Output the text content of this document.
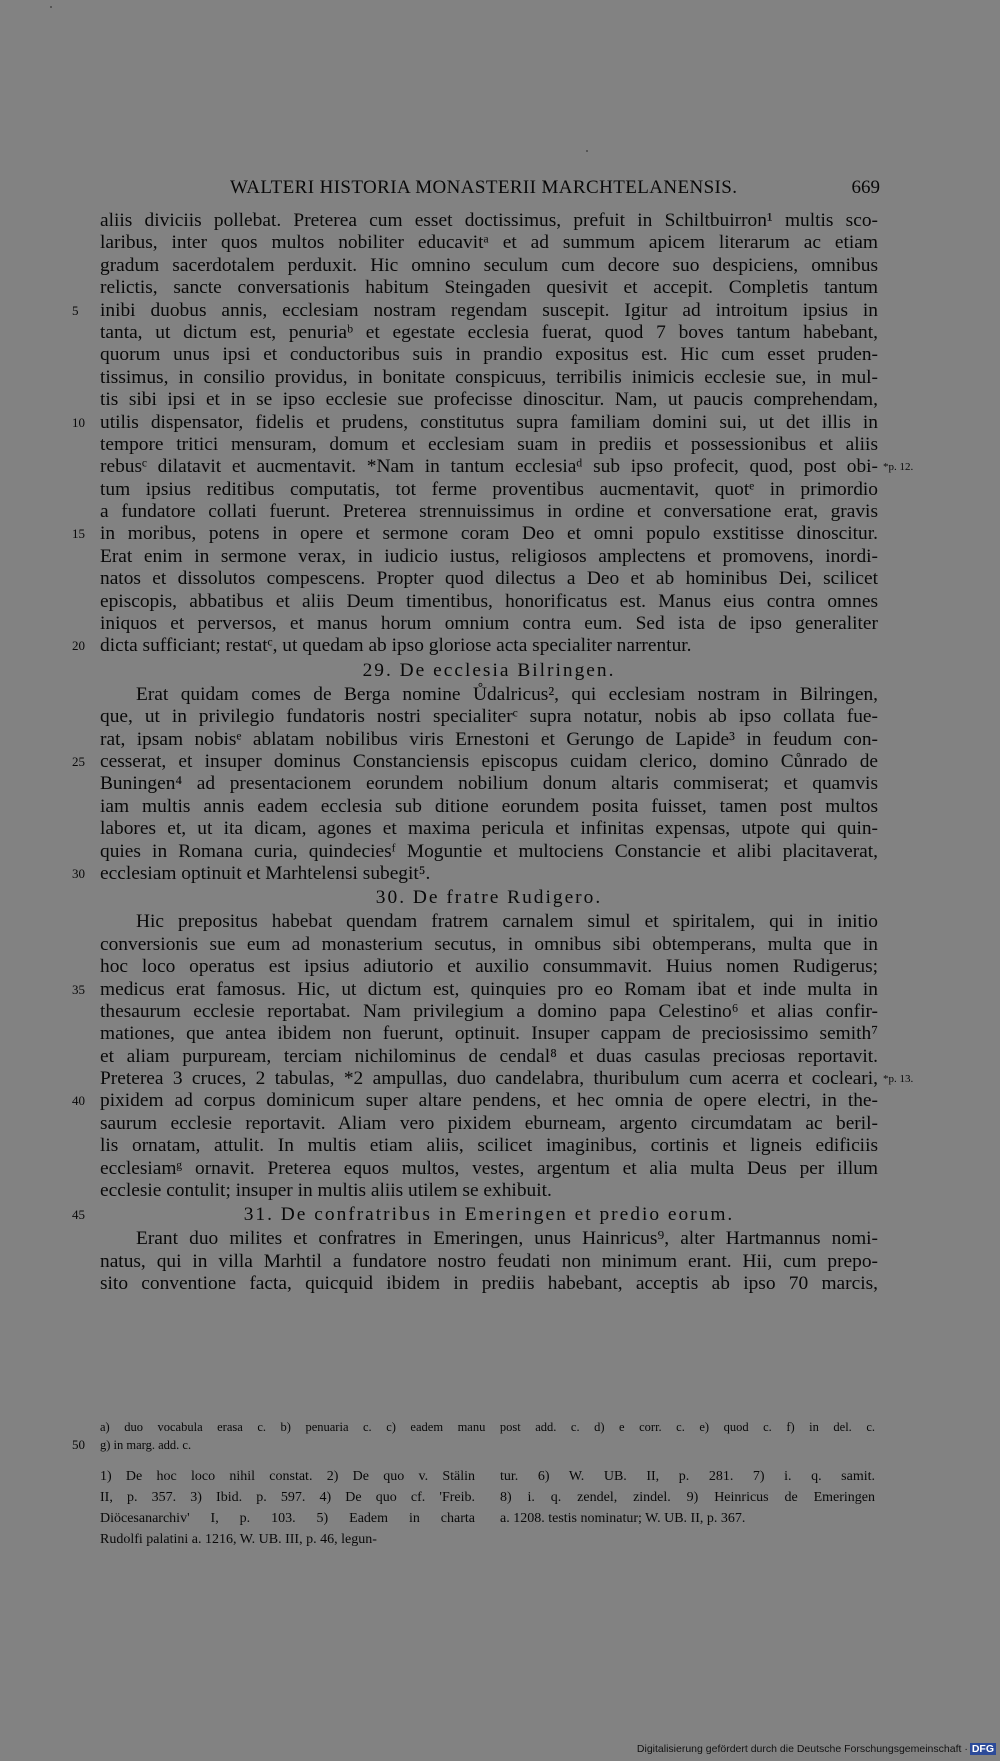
WALTERI HISTORIA MONASTERII MARCHTELANENSIS.	669
aliis diviciis pollebat. Preterea cum esset doctissimus, prefuit in Schiltbuirron¹ multis sco-
laribus, inter quos multos nobiliter educavitᵃ et ad summum apicem literarum ac etiam
gradum sacerdotalem perduxit. Hic omnino seculum cum decore suo despiciens, omnibus
relictis, sancte conversationis habitum Steingaden quesivit et accepit. Completis tantum
5	inibi duobus annis, ecclesiam nostram regendam suscepit. Igitur ad introitum ipsius in
tanta, ut dictum est, penuriaᵇ et egestate ecclesia fuerat, quod 7 boves tantum habebant,
quorum unus ipsi et conductoribus suis in prandio expositus est. Hic cum esset pruden-
tissimus, in consilio providus, in bonitate conspicuus, terribilis inimicis ecclesie sue, in mul-
tis sibi ipsi et in se ipso ecclesie sue profecisse dinoscitur. Nam, ut paucis comprehendam,
10 utilis dispensator, fidelis et prudens, constitutus supra familiam domini sui, ut det illis in
tempore tritici mensuram, domum et ecclesiam suam in prediis et possessionibus et aliis
rebusᶜ dilatavit et aucmentavit. *Nam in tantum ecclesiaᵈ sub ipso profecit, quod, post obi- *p. 12.
tum ipsius reditibus computatis, tot ferme proventibus aucmentavit, quotᵉ in primordio
a fundatore collati fuerunt. Preterea strennuissimus in ordine et conversatione erat, gravis
15 in moribus, potens in opere et sermone coram Deo et omni populo exstitisse dinoscitur.
Erat enim in sermone verax, in iudicio iustus, religiosos amplectens et promovens, inordi-
natos et dissolutos compescens. Propter quod dilectus a Deo et ab hominibus Dei, scilicet
episcopis, abbatibus et aliis Deum timentibus, honorificatus est. Manus eius contra omnes
iniquos et perversos, et manus horum omnium contra eum. Sed ista de ipso generaliter
20 dicta sufficiant; restatᶜ, ut quedam ab ipso gloriose acta specialiter narrentur.
29. De ecclesia Bilringen.
Erat quidam comes de Berga nomine Ůdalricus², qui ecclesiam nostram in Bilringen,
que, ut in privilegio fundatoris nostri specialiterᶜ supra notatur, nobis ab ipso collata fue-
rat, ipsam nobisᵉ ablatam nobilibus viris Ernestoni et Gerungo de Lapide³ in feudum con-
25 cesserat, et insuper dominus Constanciensis episcopus cuidam clerico, domino Cůnrado de
Buningen⁴ ad presentacionem eorundem nobilium donum altaris commiserat; et quamvis
iam multis annis eadem ecclesia sub ditione eorundem posita fuisset, tamen post multos
labores et, ut ita dicam, agones et maxima pericula et infinitas expensas, utpote qui quin-
quies in Romana curia, quindeciesᶠ Moguntie et multociens Constancie et alibi placitaverat,
30 ecclesiam optinuit et Marhtelensi subegit⁵.
30. De fratre Rudigero.
Hic prepositus habebat quendam fratrem carnalem simul et spiritalem, qui in initio
conversionis sue eum ad monasterium secutus, in omnibus sibi obtemperans, multa que in
hoc loco operatus est ipsius adiutorio et auxilio consummavit. Huius nomen Rudigerus;
35 medicus erat famosus. Hic, ut dictum est, quinquies pro eo Romam ibat et inde multa in
thesaurum ecclesie reportabat. Nam privilegium a domino papa Celestino⁶ et alias confir-
mationes, que antea ibidem non fuerunt, optinuit. Insuper cappam de preciosissimo semith⁷
et aliam purpuream, terciam nichilominus de cendal⁸ et duas casulas preciosas reportavit.
Preterea 3 cruces, 2 tabulas, *2 ampullas, duo candelabra, thuribulum cum acerra et cocleari, *p. 13.
40 pixidem ad corpus dominicum super altare pendens, et hec omnia de opere electri, in the-
saurum ecclesie reportavit. Aliam vero pixidem eburneam, argento circumdatam ac beril-
lis ornatam, attulit. In multis etiam aliis, scilicet imaginibus, cortinis et ligneis edificiis
ecclesiamᵍ ornavit. Preterea equos multos, vestes, argentum et alia multa Deus per illum
ecclesie contulit; insuper in multis aliis utilem se exhibuit.
45	31. De confratribus in Emeringen et predio eorum.
Erant duo milites et confratres in Emeringen, unus Hainricus⁹, alter Hartmannus nomi-
natus, qui in villa Marhtil a fundatore nostro feudati non minimum erant. Hii, cum prepo-
sito conventione facta, quicquid ibidem in prediis habebant, acceptis ab ipso 70 marcis,
a) duo vocabula erasa c. b) penuaria c. c) eadem manu post add. c. d) e corr. c. e) quod c. f) in del. c.
50 g) in marg. add. c.
1) De hoc loco nihil constat. 2) De quo v. Stälin
II, p. 357. 3) Ibid. p. 597. 4) De quo cf. 'Freib.
Diöcesanarchiv' I, p. 103. 5) Eadem in charta
Rudolfi palatini a. 1216, W. UB. III, p. 46, legun-
tur. 6) W. UB. II, p. 281. 7) i. q. samit.
8) i. q. zendel, zindel. 9) Heinricus de Emeringen
a. 1208. testis nominatur; W. UB. II, p. 367.
Digitalisierung gefördert durch die Deutsche Forschungsgemeinschaft · DFG
